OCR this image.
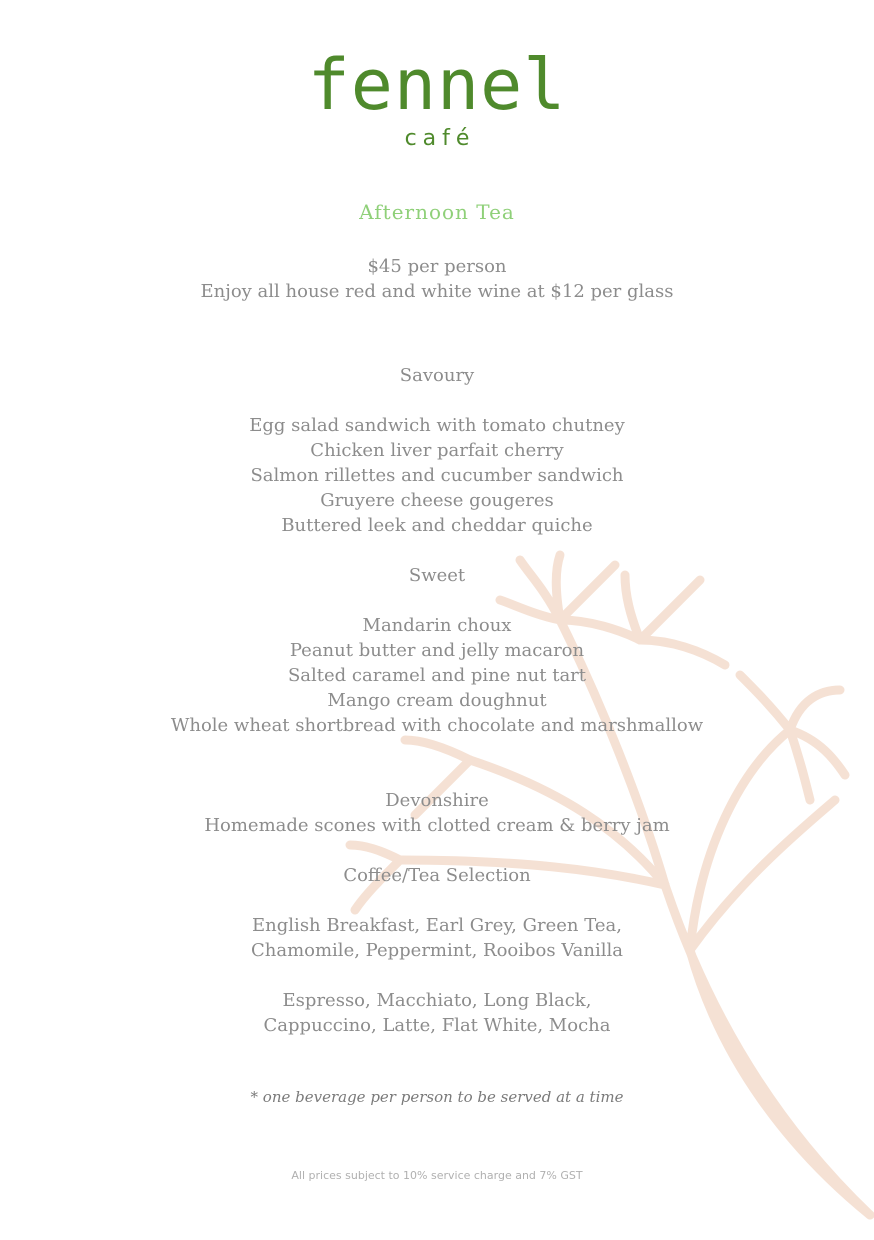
fennel
café
Afternoon Tea
$45 per person
Enjoy all house red and white wine at $12 per glass
Savoury
Egg salad sandwich with tomato chutney
Chicken liver parfait cherry
Salmon rillettes and cucumber sandwich
Gruyere cheese gougeres
Buttered leek and cheddar quiche
Sweet
Mandarin choux
Peanut butter and jelly macaron
Salted caramel and pine nut tart
Mango cream doughnut
Whole wheat shortbread with chocolate and marshmallow
Devonshire
Homemade scones with clotted cream & berry jam
Coffee/Tea Selection
English Breakfast, Earl Grey, Green Tea,
Chamomile, Peppermint, Rooibos Vanilla
Espresso, Macchiato, Long Black,
Cappuccino, Latte, Flat White, Mocha
* one beverage per person to be served at a time
All prices subject to 10% service charge and 7% GST
